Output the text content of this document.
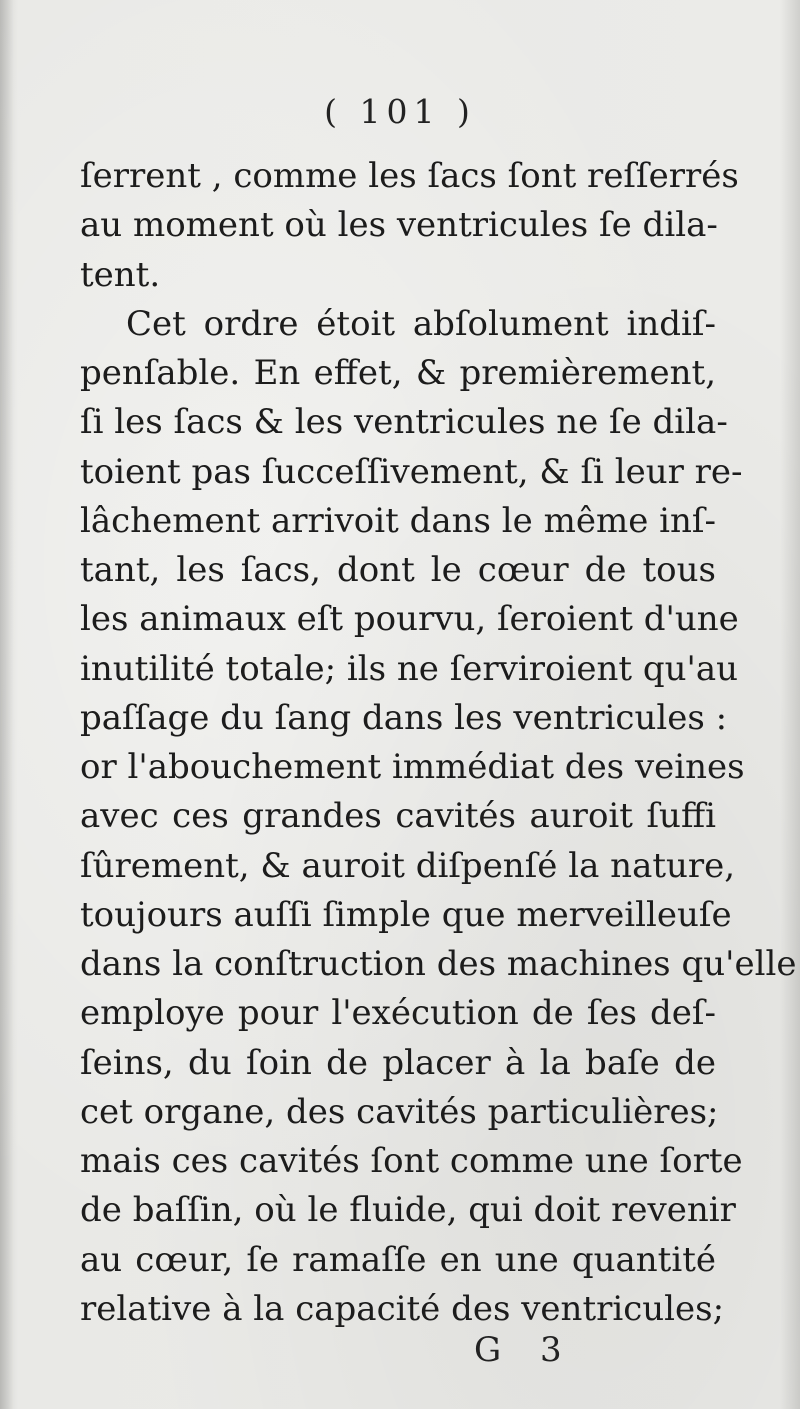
( 101 )
ſerrent , comme les ſacs ſont reſſerrés
au moment où les ventricules ſe dila-
tent.
Cet ordre étoit abſolument indiſ-
penſable. En effet, & premièrement,
ſi les ſacs & les ventricules ne ſe dila-
toient pas ſucceſſivement, & ſi leur re-
lâchement arrivoit dans le même inſ-
tant, les ſacs, dont le cœur de tous
les animaux eſt pourvu, ſeroient d'une
inutilité totale; ils ne ſerviroient qu'au
paſſage du ſang dans les ventricules :
or l'abouchement immédiat des veines
avec ces grandes cavités auroit ſuffi
ſûrement, & auroit diſpenſé la nature,
toujours auſſi ſimple que merveilleuſe
dans la conſtruction des machines qu'elle
employe pour l'exécution de ſes deſ-
ſeins, du ſoin de placer à la baſe de
cet organe, des cavités particulières;
mais ces cavités ſont comme une ſorte
de baſſin, où le fluide, qui doit revenir
au cœur, ſe ramaſſe en une quantité
relative à la capacité des ventricules;
G 3
